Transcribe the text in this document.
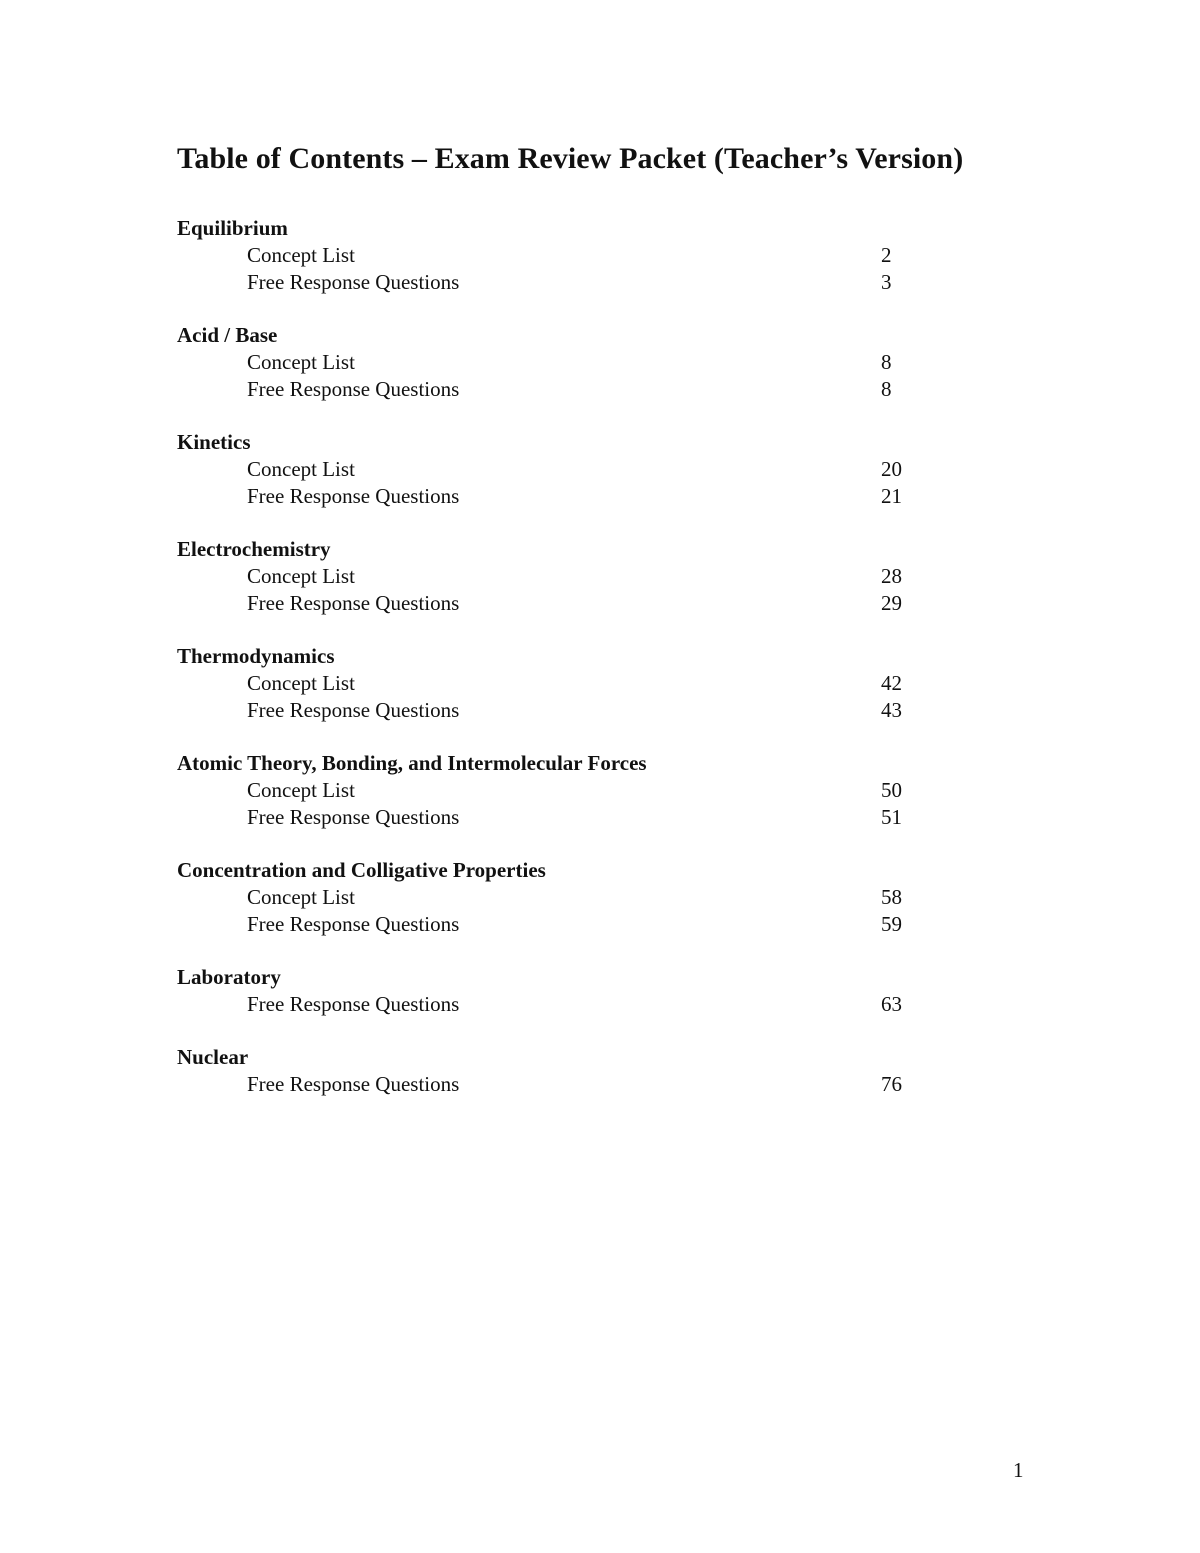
Table of Contents – Exam Review Packet (Teacher’s Version)
Equilibrium
Concept List	2
Free Response Questions	3
Acid / Base
Concept List	8
Free Response Questions	8
Kinetics
Concept List	20
Free Response Questions	21
Electrochemistry
Concept List	28
Free Response Questions	29
Thermodynamics
Concept List	42
Free Response Questions	43
Atomic Theory, Bonding, and Intermolecular Forces
Concept List	50
Free Response Questions	51
Concentration and Colligative Properties
Concept List	58
Free Response Questions	59
Laboratory
Free Response Questions	63
Nuclear
Free Response Questions	76
1
